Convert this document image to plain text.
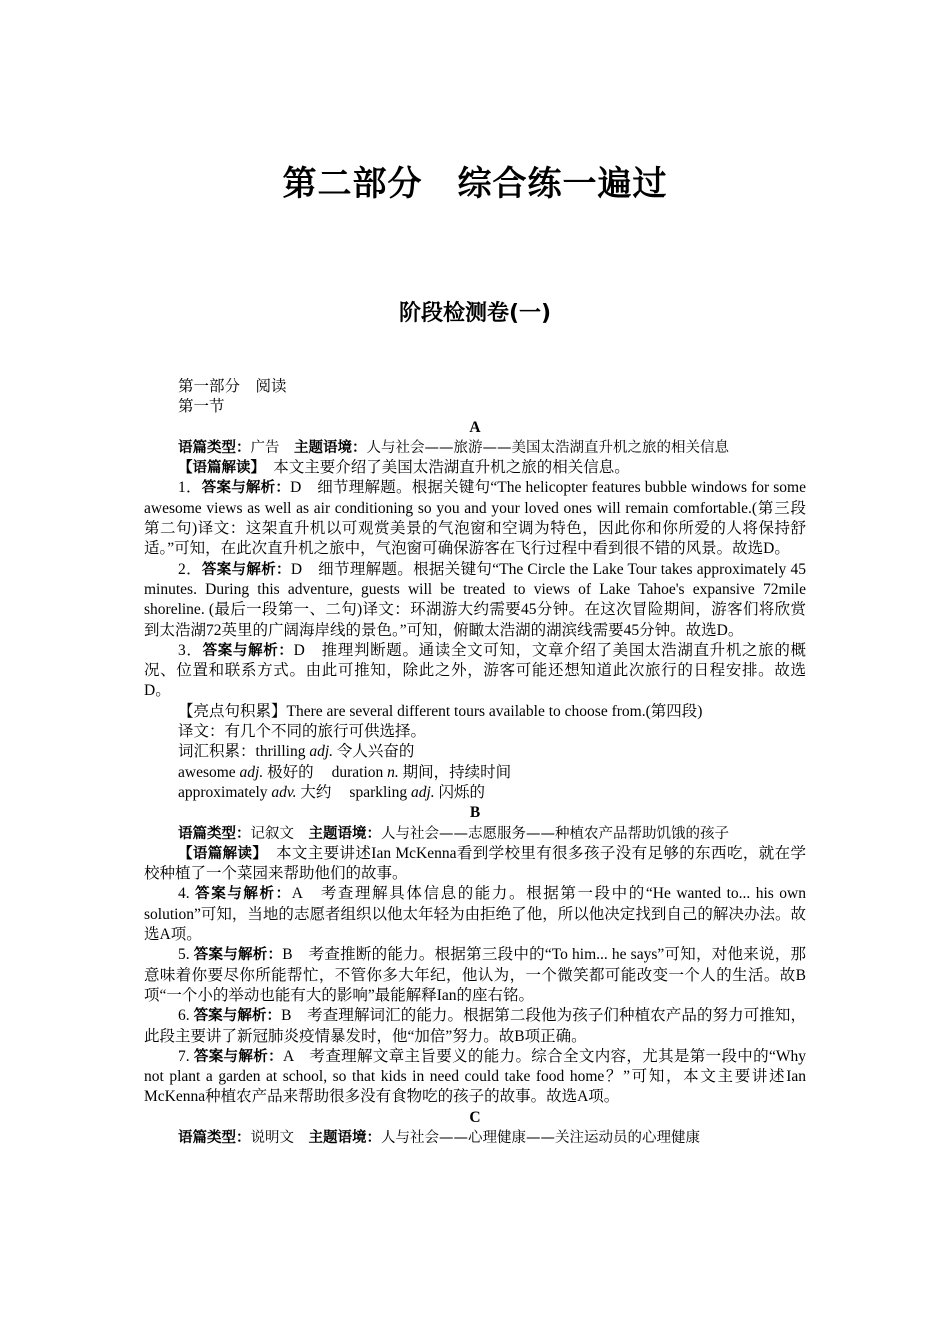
第二部分　综合练一遍过
阶段检测卷(一)

第一部分　阅读

第一节

A

语篇类型：广告　主题语境：人与社会——旅游——美国太浩湖直升机之旅的相关信息

【语篇解读】　本文主要介绍了美国太浩湖直升机之旅的相关信息。

1．答案与解析：D　细节理解题。根据关键句“The helicopter features bubble windows for some awesome views as well as air conditioning so you and your loved ones will remain comfortable.(第三段第二句)译文：这架直升机以可观赏美景的气泡窗和空调为特色，因此你和你所爱的人将保持舒适。”可知，在此次直升机之旅中，气泡窗可确保游客在飞行过程中看到很不错的风景。故选D。

2．答案与解析：D　细节理解题。根据关键句“The Circle the Lake Tour takes approximately 45 minutes. During this adventure, guests will be treated to views of Lake Tahoe's expansive 72mile shoreline. (最后一段第一、二句)译文：环湖游大约需要45分钟。在这次冒险期间，游客们将欣赏到太浩湖72英里的广阔海岸线的景色。”可知，俯瞰太浩湖的湖滨线需要45分钟。故选D。

3．答案与解析：D　推理判断题。通读全文可知，文章介绍了美国太浩湖直升机之旅的概况、位置和联系方式。由此可推知，除此之外，游客可能还想知道此次旅行的日程安排。故选D。

【亮点句积累】There are several different tours available to choose from.(第四段)

译文：有几个不同的旅行可供选择。

词汇积累：thrilling adj. 令人兴奋的

awesome adj. 极好的 duration n. 期间，持续时间

approximately adv. 大约 sparkling adj. 闪烁的

B

语篇类型：记叙文　主题语境：人与社会——志愿服务——种植农产品帮助饥饿的孩子

【语篇解读】　本文主要讲述Ian McKenna看到学校里有很多孩子没有足够的东西吃，就在学校种植了一个菜园来帮助他们的故事。

4. 答案与解析：A　考查理解具体信息的能力。根据第一段中的“He wanted to... his own solution”可知，当地的志愿者组织以他太年轻为由拒绝了他，所以他决定找到自己的解决办法。故选A项。

5. 答案与解析：B　考查推断的能力。根据第三段中的“To him... he says”可知，对他来说，那意味着你要尽你所能帮忙，不管你多大年纪，他认为，一个微笑都可能改变一个人的生活。故B项“一个小的举动也能有大的影响”最能解释Ian的座右铭。

6. 答案与解析：B　考查理解词汇的能力。根据第二段他为孩子们种植农产品的努力可推知，此段主要讲了新冠肺炎疫情暴发时，他“加倍”努力。故B项正确。

7. 答案与解析：A　考查理解文章主旨要义的能力。综合全文内容，尤其是第一段中的“Why not plant a garden at school, so that kids in need could take food home？”可知，本文主要讲述Ian McKenna种植农产品来帮助很多没有食物吃的孩子的故事。故选A项。

C

语篇类型：说明文　主题语境：人与社会——心理健康——关注运动员的心理健康
